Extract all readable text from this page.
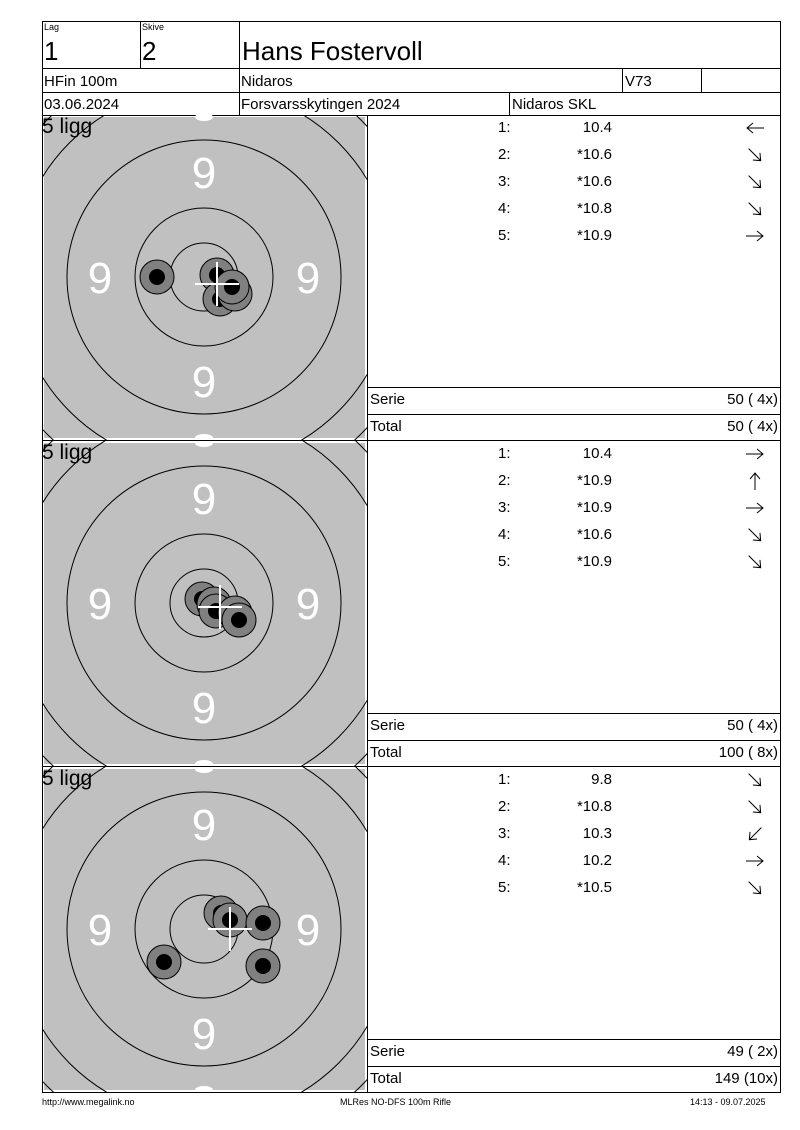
Lag
1
Skive
2	Hans Fostervoll
HFin 100m	Nidaros	V73
03.06.2024	Forsvarsskytingen 2024	Nidaros SKL
9
9	9
9
5 ligg	1:	10.4
2:	*10.6
3:	*10.6
4:	*10.8
5:	*10.9
Serie	50 ( 4x)
Total	50 ( 4x)
9
9	9
9
5 ligg	1:	10.4
2:	*10.9
3:	*10.9
4:	*10.6
5:	*10.9
Serie	50 ( 4x)
Total	100 ( 8x)
9
9	9
9
5 ligg	1:	9.8
2:	*10.8
3:	10.3
4:	10.2
5:	*10.5
Serie	49 ( 2x)
Total	149 (10x)
http://www.megalink.no	MLRes NO-DFS 100m Rifle	14:13 - 09.07.2025
